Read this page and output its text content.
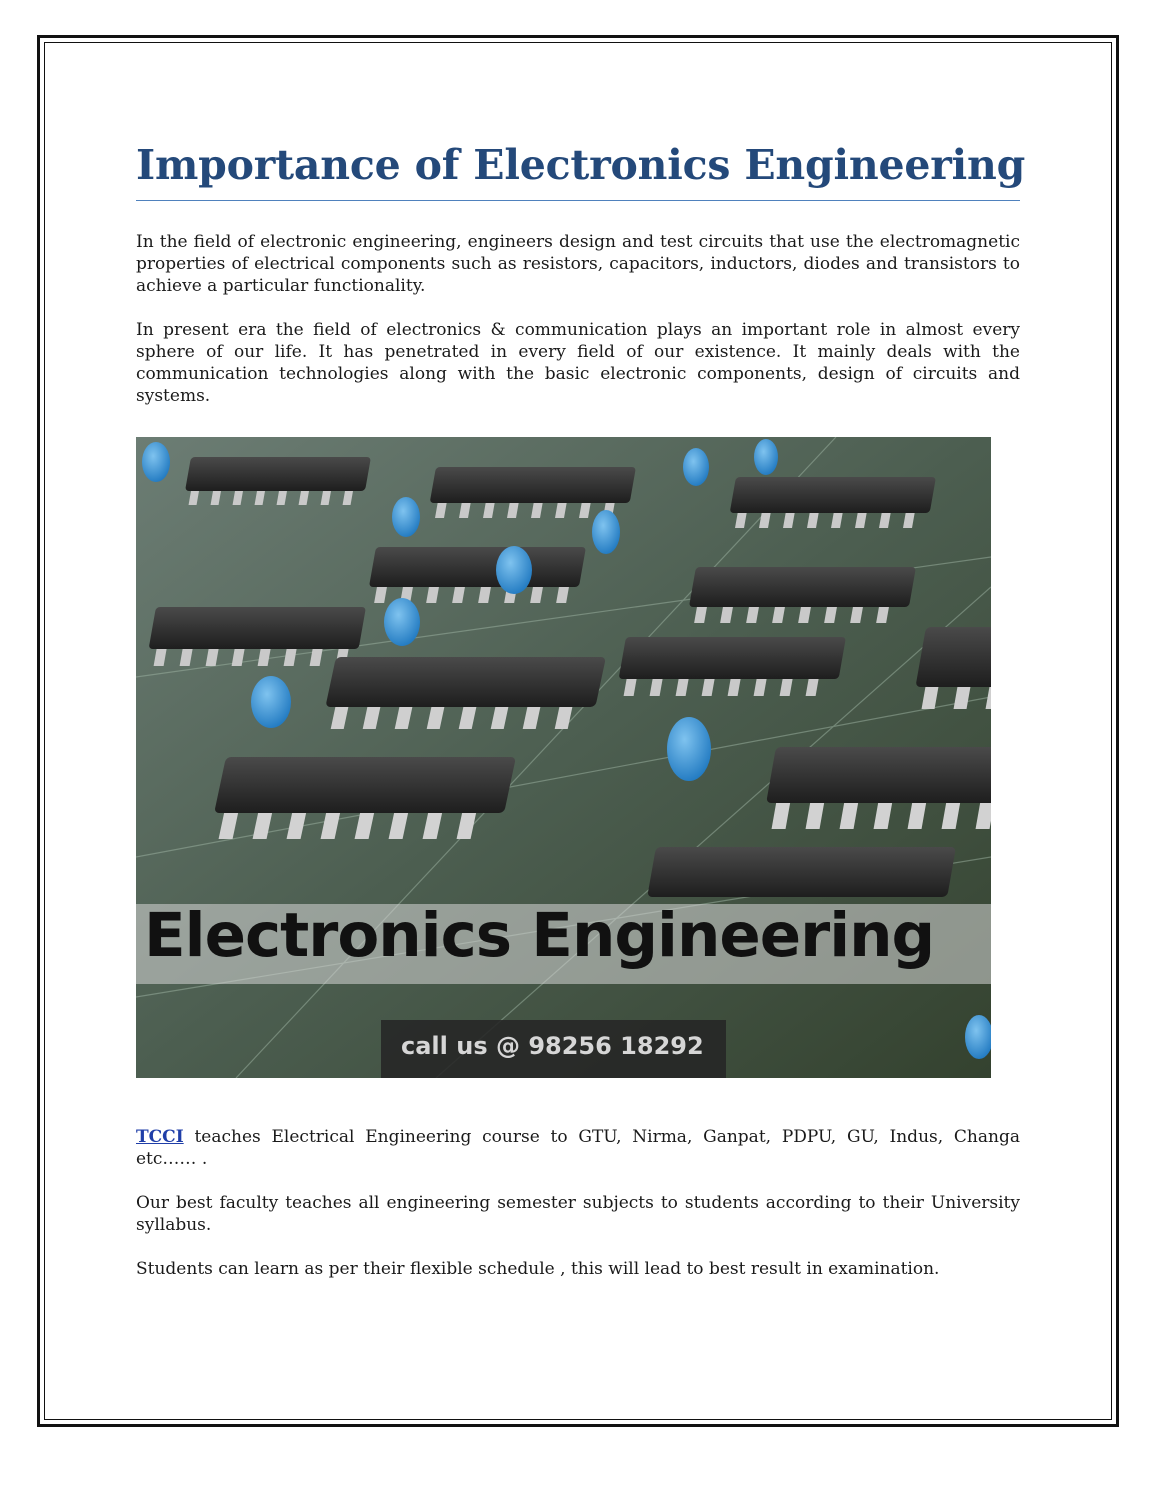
Importance of Electronics Engineering

In the field of electronic engineering, engineers design and test circuits that use the electromagnetic properties of electrical components such as resistors, capacitors, inductors, diodes and transistors to achieve a particular functionality.

In present era the field of electronics & communication plays an important role in almost every sphere of our life. It has penetrated in every field of our existence. It mainly deals with the communication technologies along with the basic electronic components, design of circuits and systems.

Electronics Engineering
call us @ 98256 18292

TCCI teaches Electrical Engineering course to GTU, Nirma, Ganpat, PDPU, GU, Indus, Changa etc…… .

Our best faculty teaches all engineering semester subjects to students according to their University syllabus.

Students can learn as per their flexible schedule , this will lead to best result in examination.
